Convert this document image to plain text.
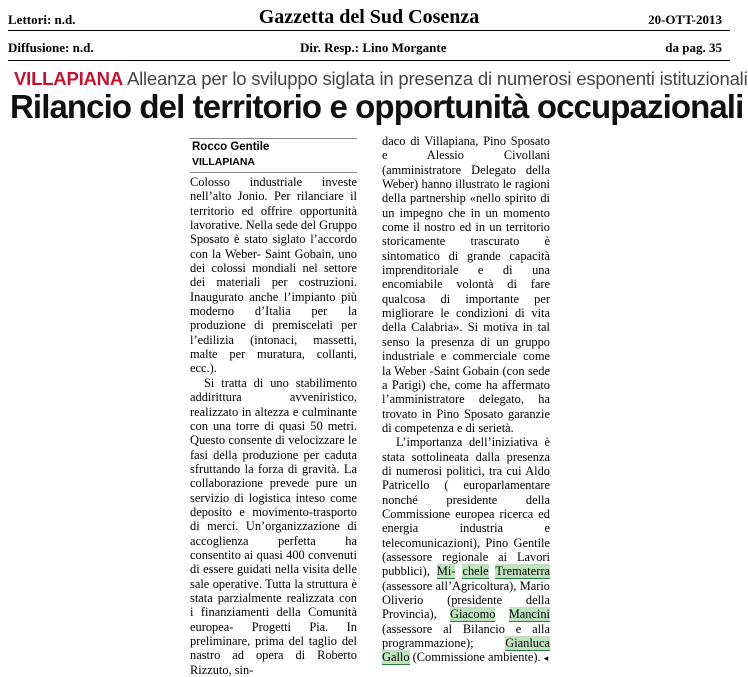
Lettori: n.d.	Gazzetta del Sud Cosenza	20-OTT-2013
Diffusione: n.d.	Dir. Resp.: Lino Morgante	da pag. 35
VILLAPIANA Alleanza per lo sviluppo siglata in presenza di numerosi esponenti istituzionali
Rilancio del territorio e opportunità occupazionali
Rocco Gentile
VILLAPIANA

Colosso industriale investe nell’alto Jonio. Per rilanciare il territorio ed offrire opportunità lavorative. Nella sede del Gruppo Sposato è stato siglato l’accordo con la Weber- Saint Gobain, uno dei colossi mondiali nel settore dei materiali per costruzioni. Inaugurato anche l’impianto più moderno d’Italia per la produzione di premiscelati per l’edilizia (intonaci, massetti, malte per muratura, collanti, ecc.).

Si tratta di uno stabilimento addirittura avveniristico, realizzato in altezza e culminante con una torre di quasi 50 metri. Questo consente di velocizzare le fasi della produzione per caduta sfruttando la forza di gravità. La collaborazione prevede pure un servizio di logistica inteso come deposito e movimento-trasporto di merci. Un’organizzazione di accoglienza perfetta ha consentito ai quasi 400 convenuti di essere guidati nella visita delle sale operative. Tutta la struttura è stata parzialmente realizzata con i finanziamenti della Comunità europea- Progetti Pia. In preliminare, prima del taglio del nastro ad opera di Roberto Rizzuto, sin-

daco di Villapiana, Pino Sposato e Alessio Civollani (amministratore Delegato della Weber) hanno illustrato le ragioni della partnership «nello spirito di un impegno che in un momento come il nostro ed in un territorio storicamente trascurato è sintomatico di grande capacità imprenditoriale e di una encomiabile volontà di fare qualcosa di importante per migliorare le condizioni di vita della Calabria». Si motiva in tal senso la presenza di un gruppo industriale e commerciale come la Weber -Saint Gobain (con sede a Parigi) che, come ha affermato l’amministratore delegato, ha trovato in Pino Sposato garanzie di competenza e di serietà.

L’importanza dell’iniziativa è stata sottolineata dalla presenza di numerosi politici, tra cui Aldo Patricello ( europarlamentare nonché presidente della Commissione europea ricerca ed energia industria e telecomunicazioni), Pino Gentile (assessore regionale ai Lavori pubblici), Mi- chele Trematerra (assessore all’Agricoltura), Mario Oliverio (presidente della Provincia), Giacomo Mancini (assessore al Bilancio e alla programmazione); Gianluca Gallo (Commissione ambiente). ◂
